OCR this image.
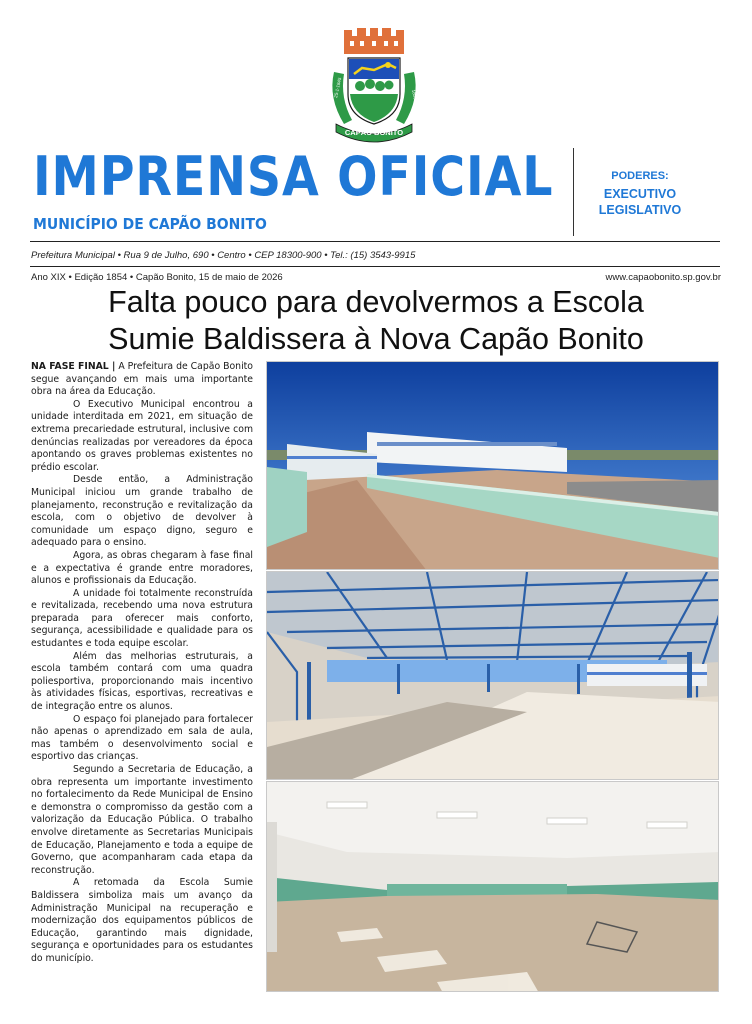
CAPÃO BONITO
25-1-1845	1803
IMPRENSA OFICIAL
MUNICÍPIO DE CAPÃO BONITO
PODERES:
EXECUTIVO
LEGISLATIVO
Prefeitura Municipal • Rua 9 de Julho, 690 • Centro • CEP 18300-900 • Tel.: (15) 3543-9915
Ano XIX • Edição 1854 • Capão Bonito, 15 de maio de 2026	www.capaobonito.sp.gov.br
Falta pouco para devolvermos a Escola
Sumie Baldissera à Nova Capão Bonito

NA FASE FINAL | A Prefeitura de Capão Bonito segue avançando em mais uma importante obra na área da Educação.

O Executivo Municipal encontrou a unidade interditada em 2021, em situação de extrema precariedade estrutural, inclusive com denúncias realizadas por vereadores da época apontando os graves problemas existentes no prédio escolar.

Desde então, a Administração Municipal iniciou um grande trabalho de planejamento, reconstrução e revitalização da escola, com o objetivo de devolver à comunidade um espaço digno, seguro e adequado para o ensino.

Agora, as obras chegaram à fase final e a expectativa é grande entre moradores, alunos e profissionais da Educação.

A unidade foi totalmente reconstruída e revitalizada, recebendo uma nova estrutura preparada para oferecer mais conforto, segurança, acessibilidade e qualidade para os estudantes e toda equipe escolar.

Além das melhorias estruturais, a escola também contará com uma quadra poliesportiva, proporcionando mais incentivo às atividades físicas, esportivas, recreativas e de integração entre os alunos.

O espaço foi planejado para fortalecer não apenas o aprendizado em sala de aula, mas também o desenvolvimento social e esportivo das crianças.

Segundo a Secretaria de Educação, a obra representa um importante investimento no fortalecimento da Rede Municipal de Ensino e demonstra o compromisso da gestão com a valorização da Educação Pública. O trabalho envolve diretamente as Secretarias Municipais de Educação, Planejamento e toda a equipe de Governo, que acompanharam cada etapa da reconstrução.

A retomada da Escola Sumie Baldissera simboliza mais um avanço da Administração Municipal na recuperação e modernização dos equipamentos públicos de Educação, garantindo mais dignidade, segurança e oportunidades para os estudantes do município.
